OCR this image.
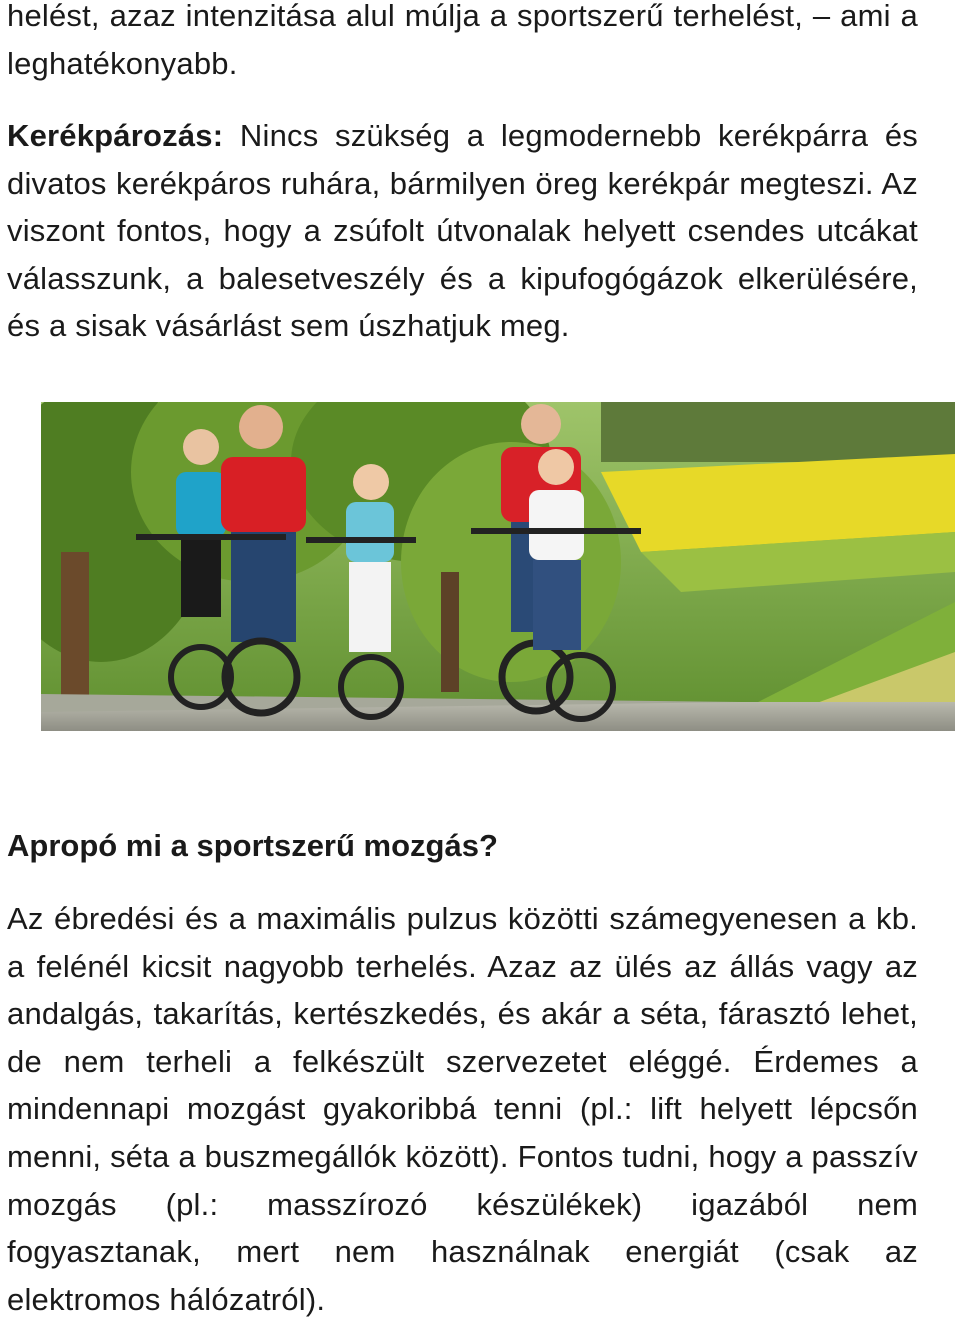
helést, azaz intenzitása alul múlja a sportszerű terhelést, – ami a leghatékonyabb.

Kerékpározás: Nincs szükség a legmodernebb kerékpárra és divatos kerékpáros ruhára, bármilyen öreg kerékpár megteszi. Az viszont fontos, hogy a zsúfolt útvonalak helyett csendes utcákat válasszunk, a balesetveszély és a kipufogógázok elkerülésére, és a sisak vásárlást sem úszhatjuk meg.

Apropó mi a sportszerű mozgás?

Az ébredési és a maximális pulzus közötti számegyenesen a kb. a felénél kicsit nagyobb terhelés. Azaz az ülés az állás vagy az andalgás, takarítás, kertészkedés, és akár a séta, fárasztó lehet, de nem terheli a felkészült szervezetet eléggé. Érdemes a mindennapi mozgást gyakoribbá tenni (pl.: lift helyett lépcsőn menni, séta a buszmegállók között). Fontos tudni, hogy a passzív mozgás (pl.: masszírozó készülékek) igazából nem fogyasztanak, mert nem használnak energiát (csak az elektromos hálózatról).
